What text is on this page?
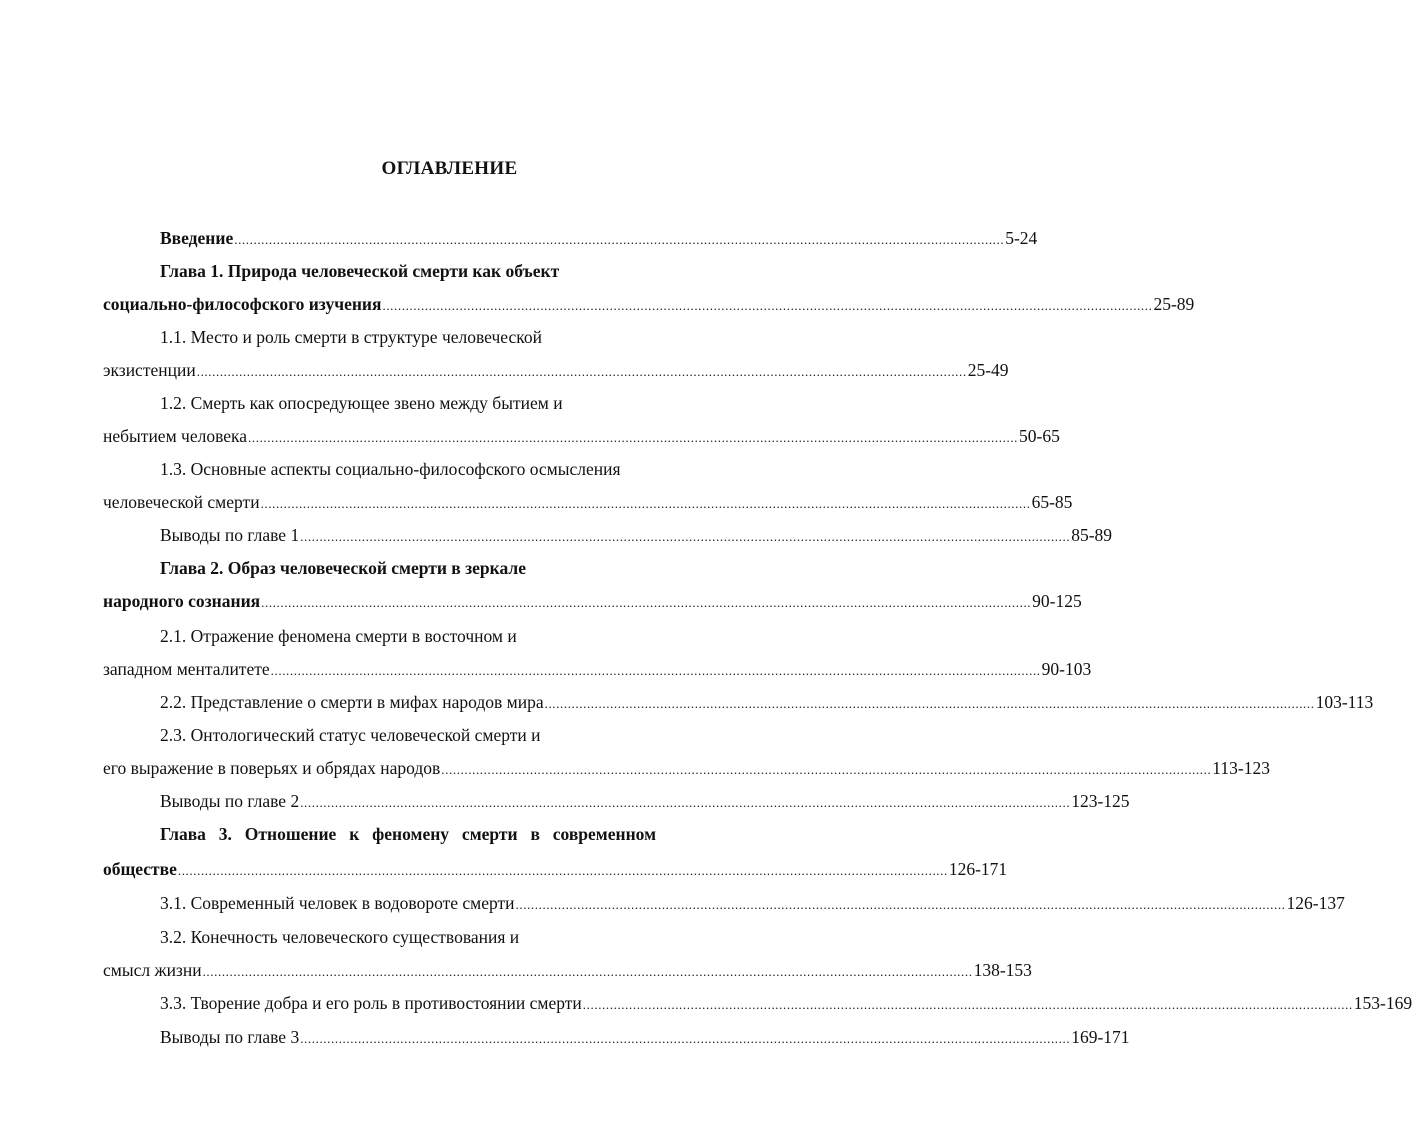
ОГЛАВЛЕНИЕ
Введение ........................................................................................................................................................................................................ 5-24
Глава 1. Природа человеческой смерти как объект
социально-философского изучения ........................................................................................................................................................................................................ 25-89
1.1. Место и роль смерти в структуре человеческой
экзистенции ........................................................................................................................................................................................................ 25-49
1.2. Смерть как опосредующее звено между бытием и
небытием человека ........................................................................................................................................................................................................ 50-65
1.3. Основные аспекты социально-философского осмысления
человеческой смерти ........................................................................................................................................................................................................ 65-85
Выводы по главе 1 ........................................................................................................................................................................................................ 85-89
Глава 2. Образ человеческой смерти в зеркале
народного сознания ........................................................................................................................................................................................................ 90-125
2.1. Отражение феномена смерти в восточном и
западном менталитете ........................................................................................................................................................................................................ 90-103
2.2. Представление о смерти в мифах народов мира ........................................................................................................................................................................................................ 103-113
2.3. Онтологический статус человеческой смерти и
его выражение в поверьях и обрядах народов ........................................................................................................................................................................................................ 113-123
Выводы по главе 2 ........................................................................................................................................................................................................ 123-125
Глава 3. Отношение к феномену смерти в современном
обществе ........................................................................................................................................................................................................ 126-171
3.1. Современный человек в водовороте смерти ........................................................................................................................................................................................................ 126-137
3.2. Конечность человеческого существования и
смысл жизни ........................................................................................................................................................................................................ 138-153
3.3. Творение добра и его роль в противостоянии смерти ........................................................................................................................................................................................................ 153-169
Выводы по главе 3 ........................................................................................................................................................................................................ 169-171
